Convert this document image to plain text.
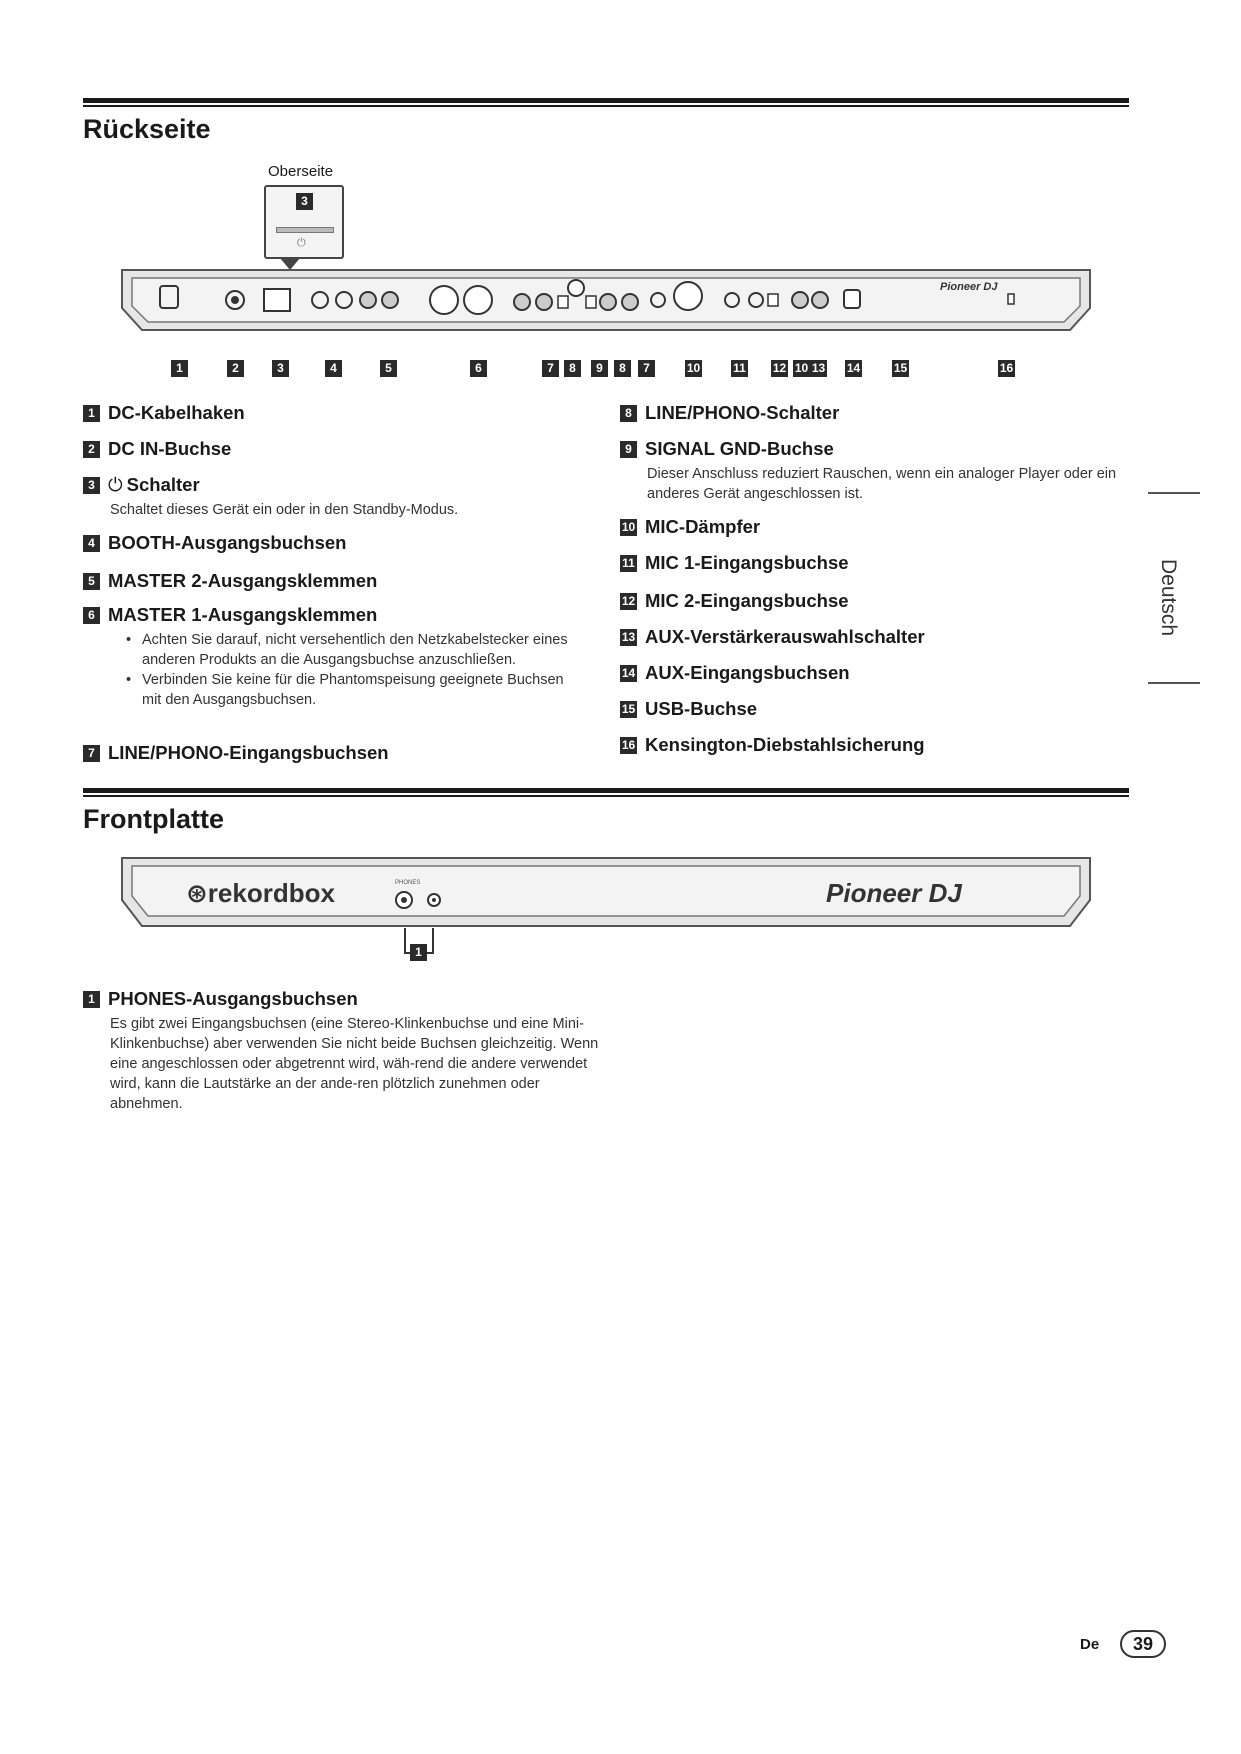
Rückseite
Oberseite
3
⏻
1	2	3	4	5	6	7	8	9	8	7	10	11 12 10 13 14	15	16
1 DC-Kabelhaken
2 DC IN-Buchse
3 ⏻ Schalter
Schaltet dieses Gerät ein oder in den Standby-Modus.
4 BOOTH-Ausgangsbuchsen
5 MASTER 2-Ausgangsklemmen
6 MASTER 1-Ausgangsklemmen
• Achten Sie darauf, nicht versehentlich den Netzkabelstecker eines anderen Produkts an die Ausgangsbuchse anzuschließen.
• Verbinden Sie keine für die Phantomspeisung geeignete Buchsen mit den Ausgangsbuchsen.
7 LINE/PHONO-Eingangsbuchsen
8 LINE/PHONO-Schalter
9 SIGNAL GND-Buchse
Dieser Anschluss reduziert Rauschen, wenn ein analoger Player oder ein anderes Gerät angeschlossen ist.
10 MIC-Dämpfer
11 MIC 1-Eingangsbuchse
12 MIC 2-Eingangsbuchse
13 AUX-Verstärkerauswahlschalter
14 AUX-Eingangsbuchsen
15 USB-Buchse
16 Kensington-Diebstahlsicherung
Frontplatte
⊛rekordbox	PHONES	Pioneer DJ
Pioneer DJ
1
1 PHONES-Ausgangsbuchsen
Es gibt zwei Eingangsbuchsen (eine Stereo-Klinkenbuchse und eine Mini-Klinkenbuchse) aber verwenden Sie nicht beide Buchsen gleichzeitig. Wenn eine angeschlossen oder abgetrennt wird, wäh-rend die andere verwendet wird, kann die Lautstärke an der ande-ren plötzlich zunehmen oder abnehmen.
Deutsch
De	39
